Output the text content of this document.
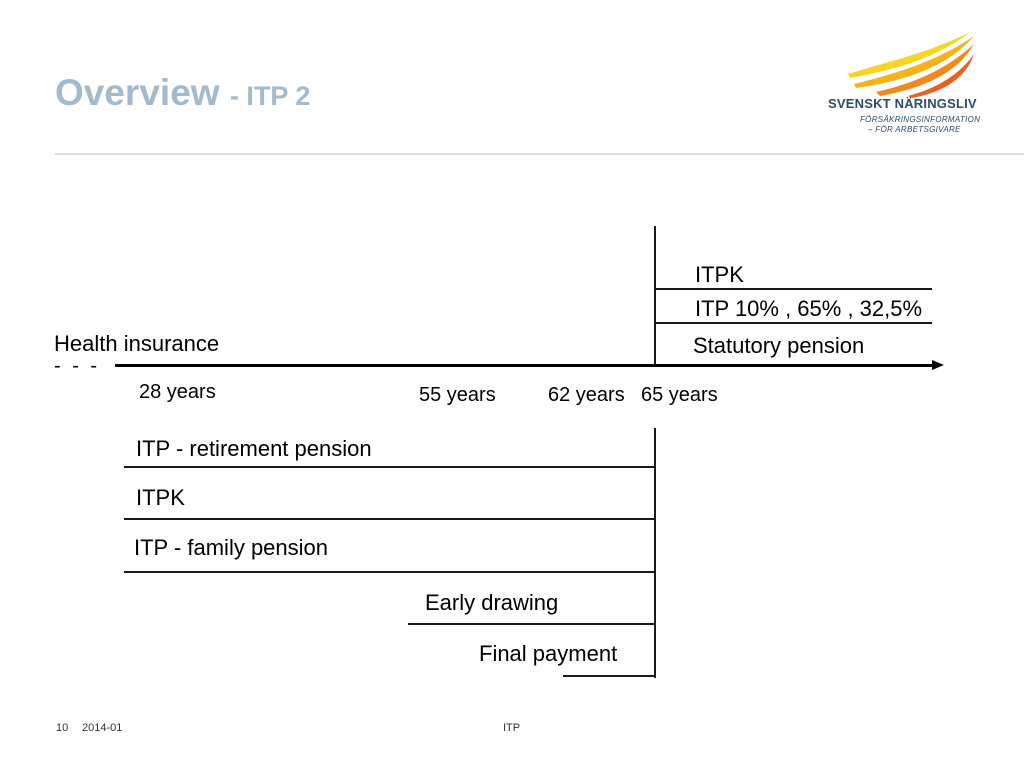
Overview - ITP 2	SVENSKT NÄRINGSLIV
FÖRSÄKRINGSINFORMATION
– FÖR ARBETSGIVARE
ITPK
ITP 10% , 65% , 32,5%
Statutory pension
Health insurance
- - -
28 years	55 years	62 years 65 years
ITP - retirement pension
ITPK
ITP - family pension
Early drawing
Final payment
10 2014-01	ITP
